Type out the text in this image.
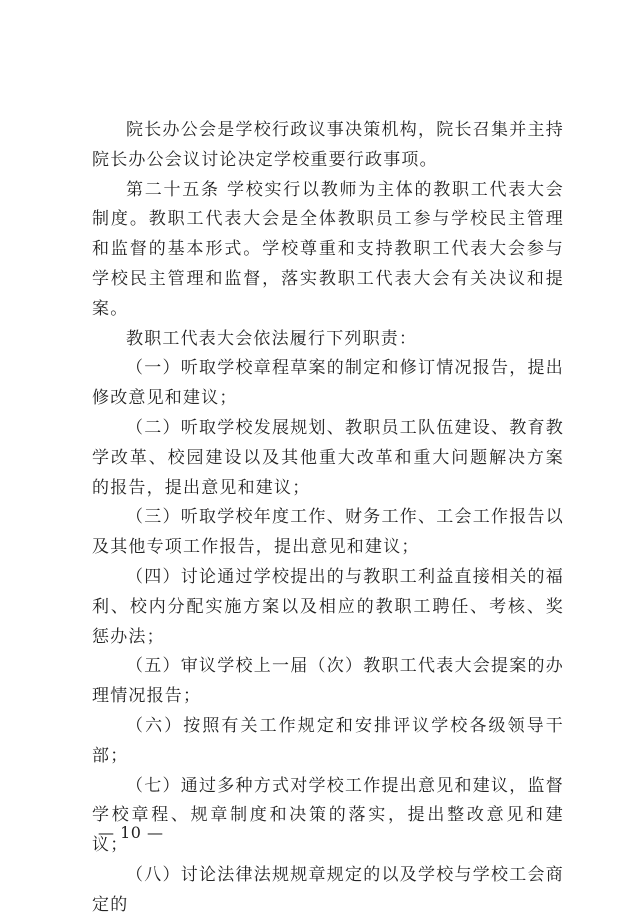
院长办公会是学校行政议事决策机构，院长召集并主持院长办公会议讨论决定学校重要行政事项。

第二十五条 学校实行以教师为主体的教职工代表大会制度。教职工代表大会是全体教职员工参与学校民主管理和监督的基本形式。学校尊重和支持教职工代表大会参与学校民主管理和监督，落实教职工代表大会有关决议和提案。

教职工代表大会依法履行下列职责：

（一）听取学校章程草案的制定和修订情况报告，提出修改意见和建议；

（二）听取学校发展规划、教职员工队伍建设、教育教学改革、校园建设以及其他重大改革和重大问题解决方案的报告，提出意见和建议；

（三）听取学校年度工作、财务工作、工会工作报告以及其他专项工作报告，提出意见和建议；

（四）讨论通过学校提出的与教职工利益直接相关的福利、校内分配实施方案以及相应的教职工聘任、考核、奖惩办法；

（五）审议学校上一届（次）教职工代表大会提案的办理情况报告；

（六）按照有关工作规定和安排评议学校各级领导干部；

（七）通过多种方式对学校工作提出意见和建议，监督学校章程、规章制度和决策的落实，提出整改意见和建议；

（八）讨论法律法规规章规定的以及学校与学校工会商定的

— 10 —
